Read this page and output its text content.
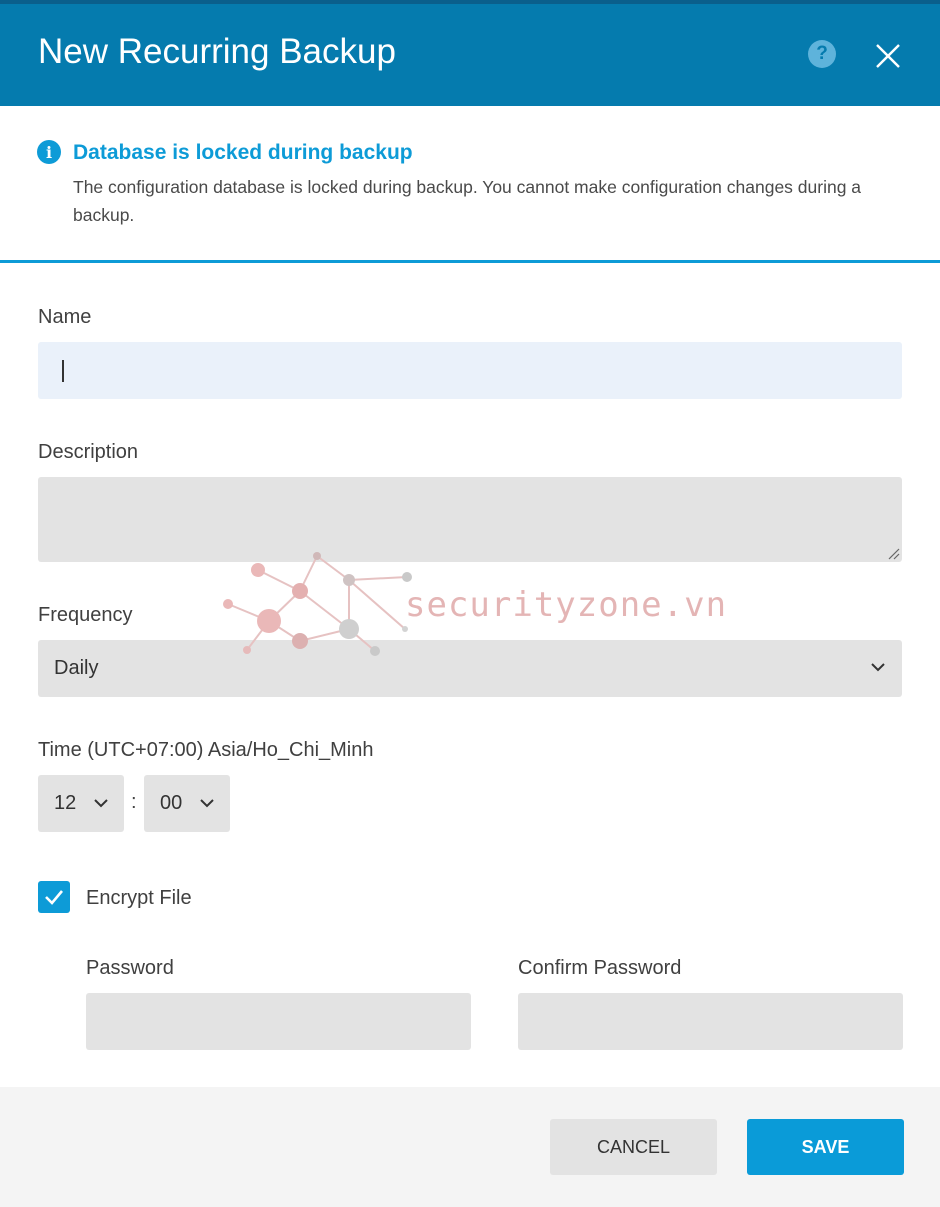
New Recurring Backup	?
i Database is locked during backup
The configuration database is locked during backup. You cannot make configuration changes during a backup.
Name
Description
Frequency
Daily
Time (UTC+07:00) Asia/Ho_Chi_Minh
12	: 00
Encrypt File
Password	Confirm Password
CANCEL	SAVE
securityzone.vn
